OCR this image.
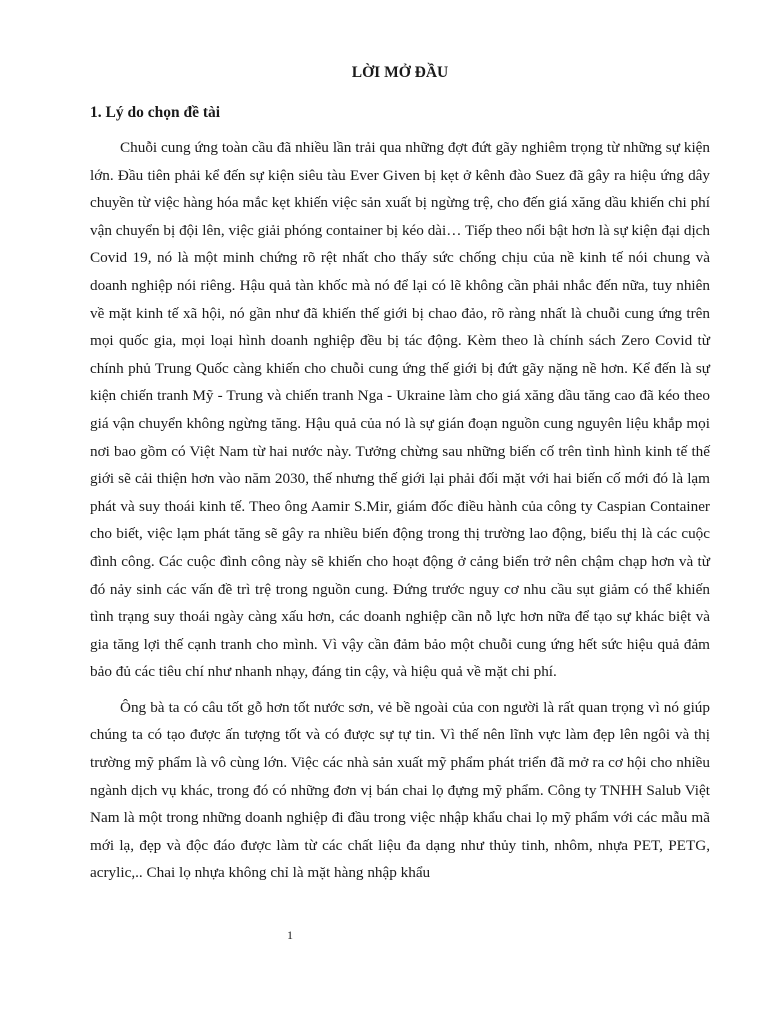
LỜI MỞ ĐẦU
1. Lý do chọn đề tài

Chuỗi cung ứng toàn cầu đã nhiều lần trải qua những đợt đứt gãy nghiêm trọng từ những sự kiện lớn. Đầu tiên phải kể đến sự kiện siêu tàu Ever Given bị kẹt ở kênh đào Suez đã gây ra hiệu ứng dây chuyền từ việc hàng hóa mắc kẹt khiến việc sản xuất bị ngừng trệ, cho đến giá xăng dầu khiến chi phí vận chuyển bị đội lên, việc giải phóng container bị kéo dài… Tiếp theo nổi bật hơn là sự kiện đại dịch Covid 19, nó là một minh chứng rõ rệt nhất cho thấy sức chống chịu của nề kinh tế nói chung và doanh nghiệp nói riêng. Hậu quả tàn khốc mà nó để lại có lẽ không cần phải nhắc đến nữa, tuy nhiên về mặt kinh tế xã hội, nó gần như đã khiến thế giới bị chao đảo, rõ ràng nhất là chuỗi cung ứng trên mọi quốc gia, mọi loại hình doanh nghiệp đều bị tác động. Kèm theo là chính sách Zero Covid từ chính phủ Trung Quốc càng khiến cho chuỗi cung ứng thế giới bị đứt gãy nặng nề hơn. Kể đến là sự kiện chiến tranh Mỹ - Trung và chiến tranh Nga - Ukraine làm cho giá xăng dầu tăng cao đã kéo theo giá vận chuyển không ngừng tăng. Hậu quả của nó là sự gián đoạn nguồn cung nguyên liệu khắp mọi nơi bao gồm có Việt Nam từ hai nước này. Tưởng chừng sau những biến cố trên tình hình kinh tế thế giới sẽ cải thiện hơn vào năm 2030, thế nhưng thế giới lại phải đối mặt với hai biến cố mới đó là lạm phát và suy thoái kinh tế. Theo ông Aamir S.Mir, giám đốc điều hành của công ty Caspian Container cho biết, việc lạm phát tăng sẽ gây ra nhiều biến động trong thị trường lao động, biểu thị là các cuộc đình công. Các cuộc đình công này sẽ khiến cho hoạt động ở cảng biển trở nên chậm chạp hơn và từ đó nảy sinh các vấn đề trì trệ trong nguồn cung. Đứng trước nguy cơ nhu cầu sụt giảm có thể khiến tình trạng suy thoái ngày càng xấu hơn, các doanh nghiệp cần nỗ lực hơn nữa để tạo sự khác biệt và gia tăng lợi thế cạnh tranh cho mình. Vì vậy cần đảm bảo một chuỗi cung ứng hết sức hiệu quả đảm bảo đủ các tiêu chí như nhanh nhạy, đáng tin cậy, và hiệu quả về mặt chi phí.

Ông bà ta có câu tốt gỗ hơn tốt nước sơn, vẻ bề ngoài của con người là rất quan trọng vì nó giúp chúng ta có tạo được ấn tượng tốt và có được sự tự tin. Vì thế nên lĩnh vực làm đẹp lên ngôi và thị trường mỹ phẩm là vô cùng lớn. Việc các nhà sản xuất mỹ phẩm phát triển đã mở ra cơ hội cho nhiều ngành dịch vụ khác, trong đó có những đơn vị bán chai lọ đựng mỹ phẩm. Công ty TNHH Salub Việt Nam là một trong những doanh nghiệp đi đầu trong việc nhập khẩu chai lọ mỹ phẩm với các mẫu mã mới lạ, đẹp và độc đáo được làm từ các chất liệu đa dạng như thủy tinh, nhôm, nhựa PET, PETG, acrylic,.. Chai lọ nhựa không chỉ là mặt hàng nhập khẩu

1
